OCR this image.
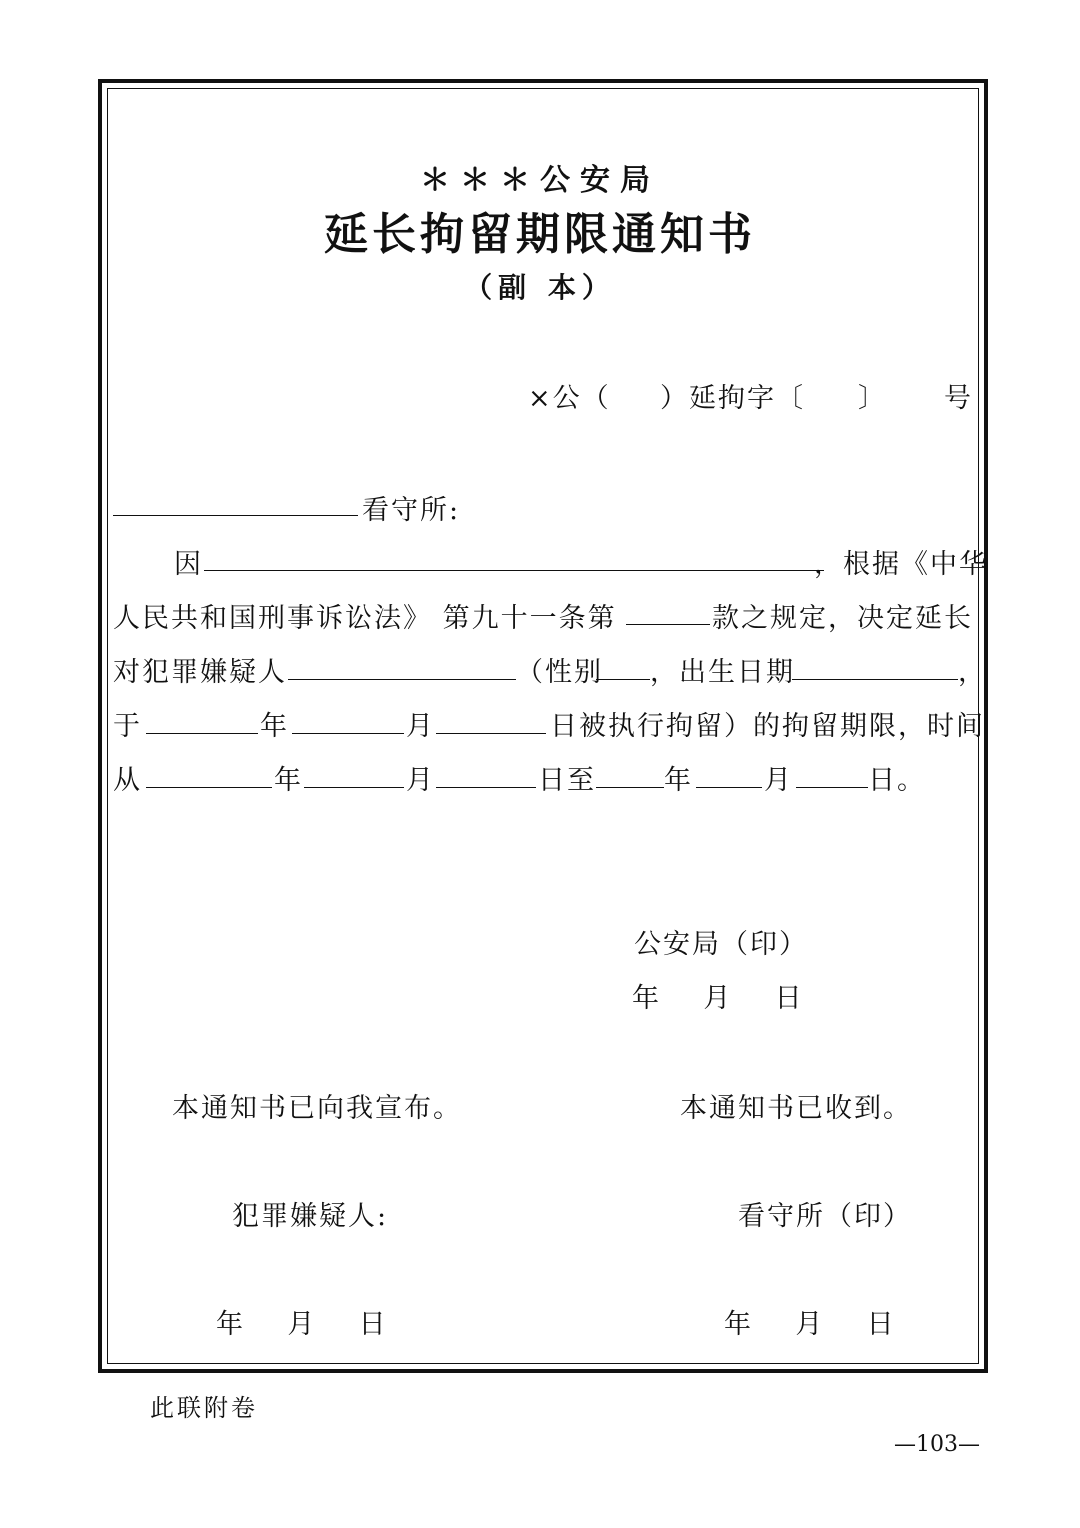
＊＊＊公安局
延长拘留期限通知书
（副 本）
×公（ ）延拘字〔 〕 号
看守所:
因	，根据《中华
人民共和国刑事诉讼法》 第九十一条第	款之规定，决定延长
对犯罪嫌疑人	（性别 ，出生日期	，
于	年	月	日被执行拘留）的拘留期限，时间
从	年	月	日至	年	月	日。
公安局（印）
年    月    日
本通知书已向我宣布。	本通知书已收到。
犯罪嫌疑人:	看守所（印）
年    月    日	年    月    日
此联附卷
—103—
